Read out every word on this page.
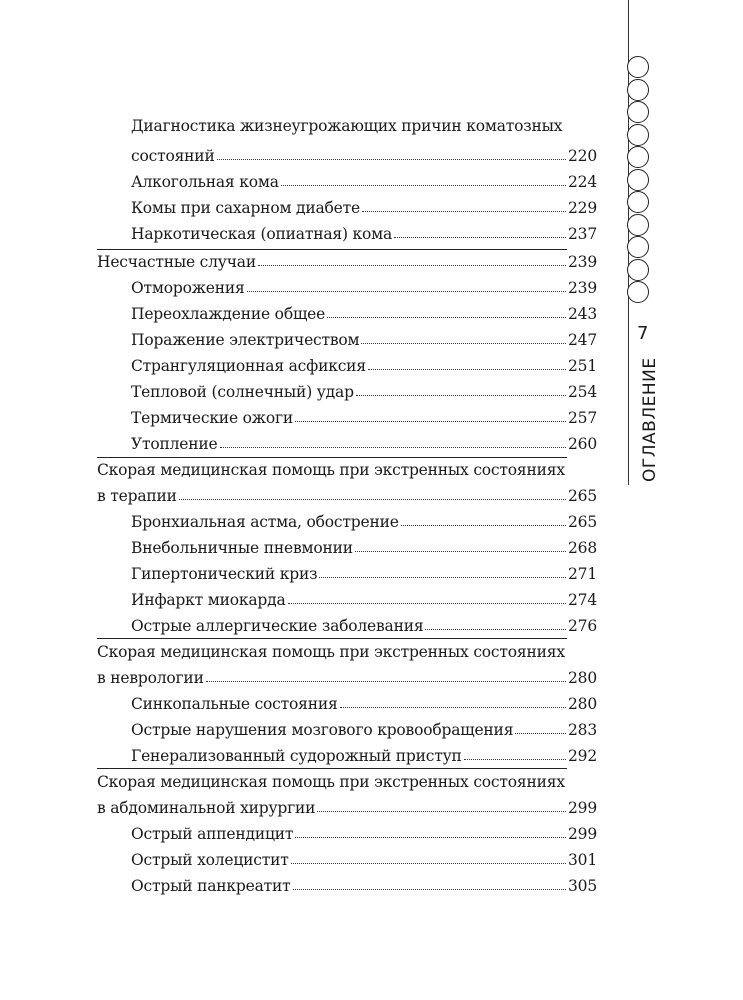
7
ОГЛАВЛЕНИЕ
Диагностика жизнеугрожающих причин коматозных
состояний	220
Алкогольная кома	224
Комы при сахарном диабете	229
Наркотическая (опиатная) кома	237
Несчастные случаи	239
Отморожения	239
Переохлаждение общее	243
Поражение электричеством	247
Странгуляционная асфиксия	251
Тепловой (солнечный) удар	254
Термические ожоги	257
Утопление	260
Скорая медицинская помощь при экстренных состояниях
в терапии	265
Бронхиальная астма, обострение	265
Внебольничные пневмонии	268
Гипертонический криз	271
Инфаркт миокарда	274
Острые аллергические заболевания	276
Скорая медицинская помощь при экстренных состояниях
в неврологии	280
Синкопальные состояния	280
Острые нарушения мозгового кровообращения	283
Генерализованный судорожный приступ	292
Скорая медицинская помощь при экстренных состояниях
в абдоминальной хирургии	299
Острый аппендицит	299
Острый холецистит	301
Острый панкреатит	305
